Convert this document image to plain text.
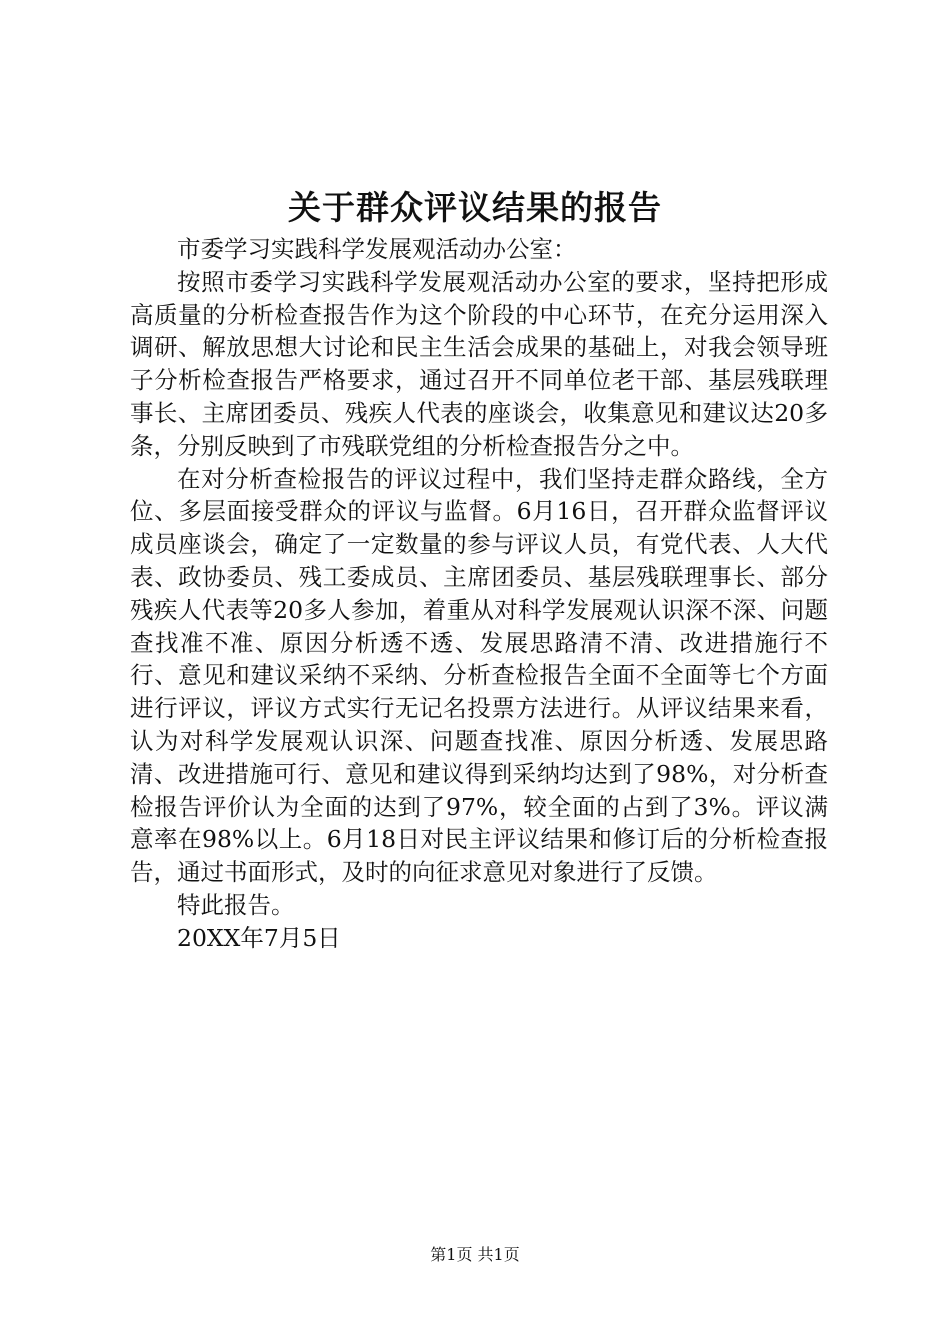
关于群众评议结果的报告

市委学习实践科学发展观活动办公室：

按照市委学习实践科学发展观活动办公室的要求，坚持把形成高质量的分析检查报告作为这个阶段的中心环节，在充分运用深入调研、解放思想大讨论和民主生活会成果的基础上，对我会领导班子分析检查报告严格要求，通过召开不同单位老干部、基层残联理事长、主席团委员、残疾人代表的座谈会，收集意见和建议达20多条，分别反映到了市残联党组的分析检查报告分之中。

在对分析查检报告的评议过程中，我们坚持走群众路线，全方位、多层面接受群众的评议与监督。6月16日，召开群众监督评议成员座谈会，确定了一定数量的参与评议人员，有党代表、人大代表、政协委员、残工委成员、主席团委员、基层残联理事长、部分残疾人代表等20多人参加，着重从对科学发展观认识深不深、问题查找准不准、原因分析透不透、发展思路清不清、改进措施行不行、意见和建议采纳不采纳、分析查检报告全面不全面等七个方面进行评议，评议方式实行无记名投票方法进行。从评议结果来看，认为对科学发展观认识深、问题查找准、原因分析透、发展思路清、改进措施可行、意见和建议得到采纳均达到了98%，对分析查检报告评价认为全面的达到了97%，较全面的占到了3%。评议满意率在98%以上。6月18日对民主评议结果和修订后的分析检查报告，通过书面形式，及时的向征求意见对象进行了反馈。

特此报告。

20XX年7月5日

第1页 共1页
